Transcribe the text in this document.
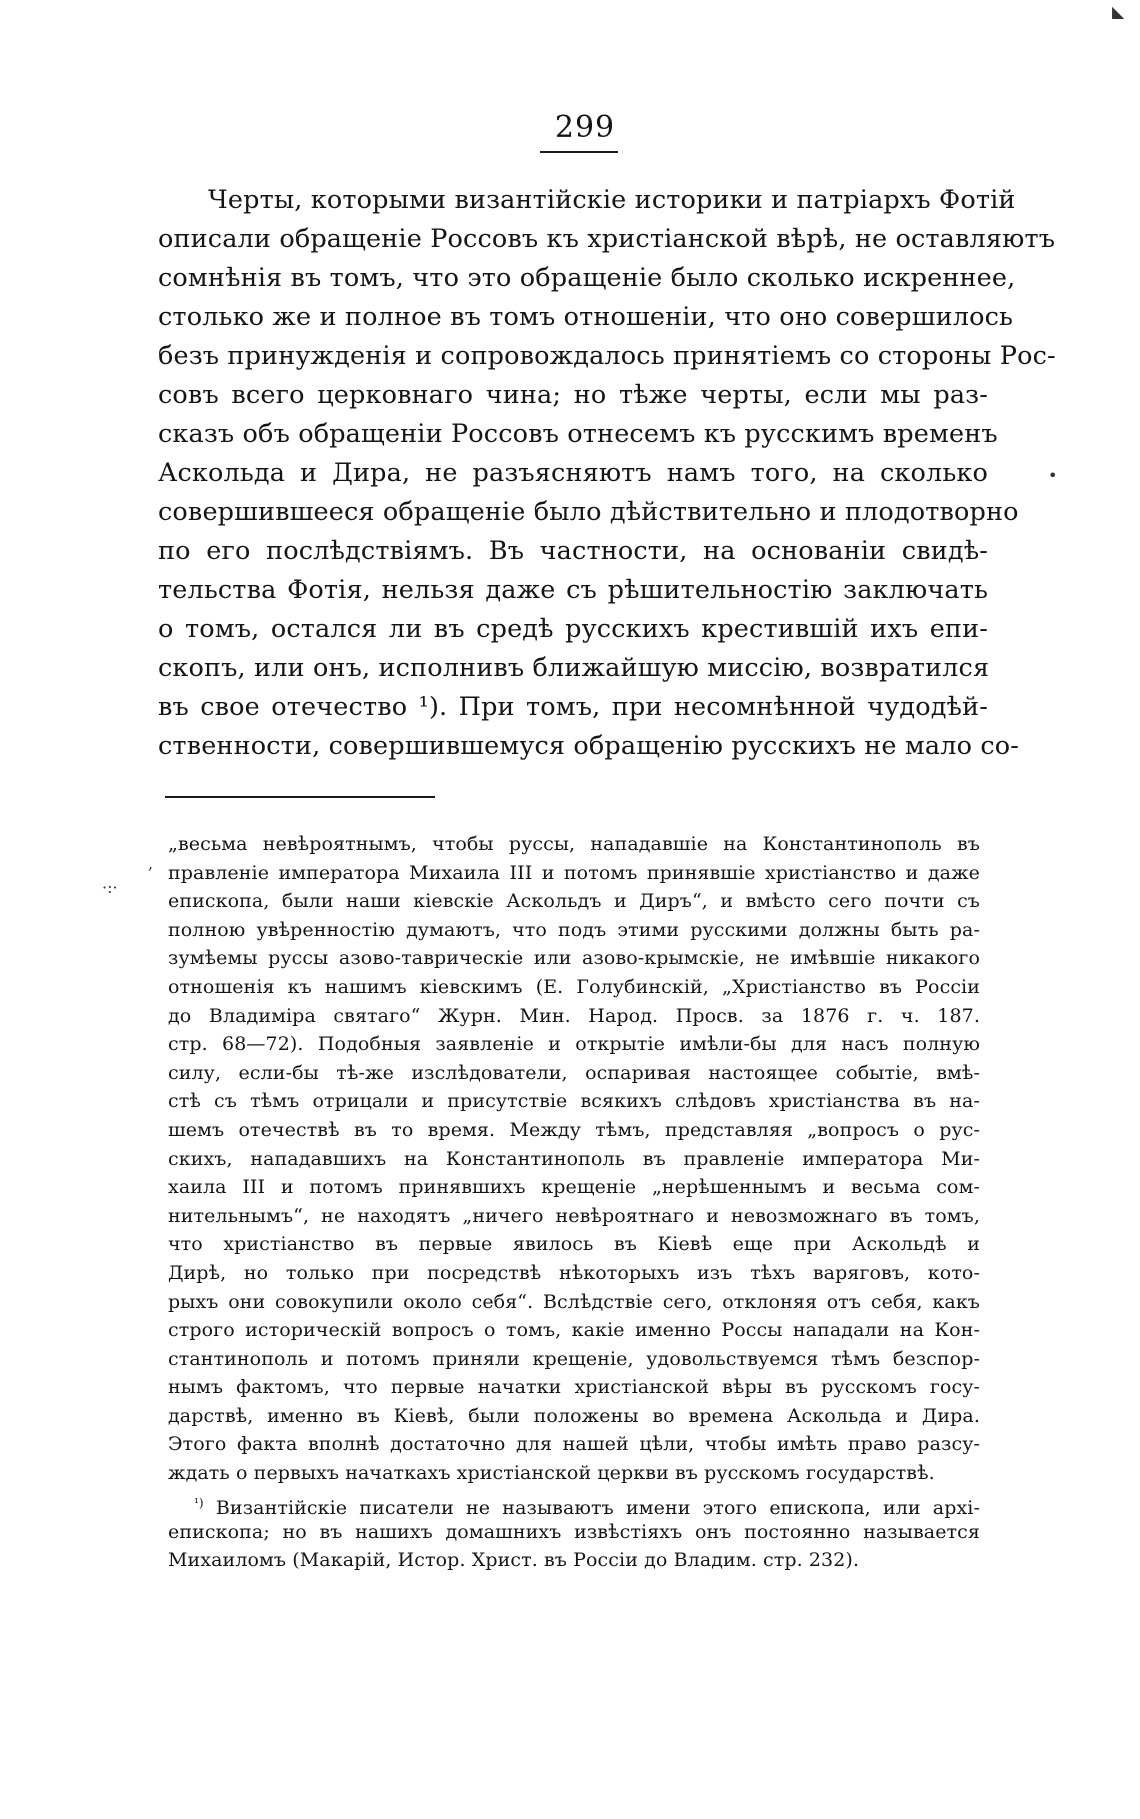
299
Черты, которыми византійскіе историки и патріархъ Фотій
описали обращеніе Россовъ къ христіанской вѣрѣ, не оставляютъ
сомнѣнія въ томъ, что это обращеніе было сколько искреннее,
столько же и полное въ томъ отношеніи, что оно совершилось
безъ принужденія и сопровождалось принятіемъ со стороны Рос-
совъ всего церковнаго чина; но тѣже черты, если мы раз-
сказъ объ обращеніи Россовъ отнесемъ къ русскимъ временъ
Аскольда и Дира, не разъясняютъ намъ того, на сколько
совершившееся обращеніе было дѣйствительно и плодотворно
по его послѣдствіямъ. Въ частности, на основаніи свидѣ-
тельства Фотія, нельзя даже съ рѣшительностію заключать
о томъ, остался ли въ средѣ русскихъ крестившій ихъ епи-
скопъ, или онъ, исполнивъ ближайшую миссію, возвратился
въ свое отечество ¹). При томъ, при несомнѣнной чудодѣй-
ственности, совершившемуся обращенію русскихъ не мало со-
„весьма невѣроятнымъ, чтобы руссы, нападавшіе на Константинополь въ
правленіе императора Михаила III и потомъ принявшіе христіанство и даже
епископа, были наши кіевскіе Аскольдъ и Диръ“, и вмѣсто сего почти съ
полною увѣренностію думаютъ, что подъ этими русскими должны быть ра-
зумѣемы руссы азово-таврическіе или азово-крымскіе, не имѣвшіе никакого
отношенія къ нашимъ кіевскимъ (Е. Голубинскій, „Христіанство въ Россіи
до Владиміра святаго“ Журн. Мин. Народ. Просв. за 1876 г. ч. 187.
стр. 68—72). Подобныя заявленіе и открытіе имѣли-бы для насъ полную
силу, если-бы тѣ-же изслѣдователи, оспаривая настоящее событіе, вмѣ-
стѣ съ тѣмъ отрицали и присутствіе всякихъ слѣдовъ христіанства въ на-
шемъ отечествѣ въ то время. Между тѣмъ, представляя „вопросъ о рус-
скихъ, нападавшихъ на Константинополь въ правленіе императора Ми-
хаила III и потомъ принявшихъ крещеніе „нерѣшеннымъ и весьма сом-
нительнымъ“, не находятъ „ничего невѣроятнаго и невозможнаго въ томъ,
что христіанство въ первые явилось въ Кіевѣ еще при Аскольдѣ и
Дирѣ, но только при посредствѣ нѣкоторыхъ изъ тѣхъ варяговъ, кото-
рыхъ они совокупили около себя“. Вслѣдствіе сего, отклоняя отъ себя, какъ
строго историческій вопросъ о томъ, какіе именно Россы нападали на Кон-
стантинополь и потомъ приняли крещеніе, удовольствуемся тѣмъ безспор-
нымъ фактомъ, что первые начатки христіанской вѣры въ русскомъ госу-
дарствѣ, именно въ Кіевѣ, были положены во времена Аскольда и Дира.
Этого факта вполнѣ достаточно для нашей цѣли, чтобы имѣть право разсу-
ждать о первыхъ начаткахъ христіанской церкви въ русскомъ государствѣ.
$^{^1)}$ Византійскіе писатели не называютъ имени этого епископа, или архі-
епископа; но въ нашихъ домашнихъ извѣстіяхъ онъ постоянно называется
Михаиломъ (Макарій, Истор. Христ. въ Россіи до Владим. стр. 232).
◣
•
,
·:·
